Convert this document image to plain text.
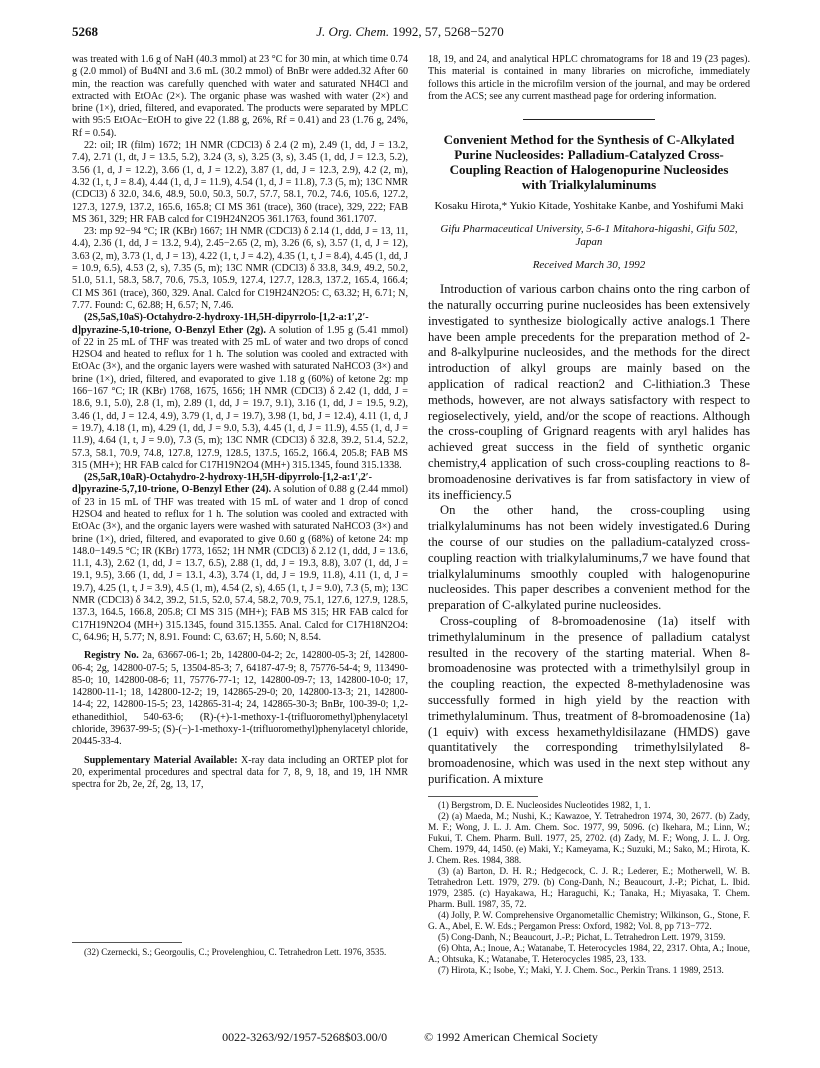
5268	J. Org. Chem. 1992, 57, 5268−5270

was treated with 1.6 g of NaH (40.3 mmol) at 23 °C for 30 min, at which time 0.74 g (2.0 mmol) of Bu4NI and 3.6 mL (30.2 mmol) of BnBr were added.32 After 60 min, the reaction was carefully quenched with water and saturated NH4Cl and extracted with EtOAc (2×). The organic phase was washed with water (2×) and brine (1×), dried, filtered, and evaporated. The products were separated by MPLC with 95:5 EtOAc−EtOH to give 22 (1.88 g, 26%, Rf = 0.41) and 23 (1.76 g, 24%, Rf = 0.54).

22: oil; IR (film) 1672; 1H NMR (CDCl3) δ 2.4 (2 m), 2.49 (1, dd, J = 13.2, 7.4), 2.71 (1, dt, J = 13.5, 5.2), 3.24 (3, s), 3.25 (3, s), 3.45 (1, dd, J = 12.3, 5.2), 3.56 (1, d, J = 12.2), 3.66 (1, d, J = 12.2), 3.87 (1, dd, J = 12.3, 2.9), 4.2 (2, m), 4.32 (1, t, J = 8.4), 4.44 (1, d, J = 11.9), 4.54 (1, d, J = 11.8), 7.3 (5, m); 13C NMR (CDCl3) δ 32.0, 34.6, 48.9, 50.0, 50.3, 50.7, 57.7, 58.1, 70.2, 74.6, 105.6, 127.2, 127.3, 127.9, 137.2, 165.6, 165.8; CI MS 361 (trace), 360 (trace), 329, 222; FAB MS 361, 329; HR FAB calcd for C19H24N2O5 361.1763, found 361.1707.

23: mp 92−94 °C; IR (KBr) 1667; 1H NMR (CDCl3) δ 2.14 (1, ddd, J = 13, 11, 4.4), 2.36 (1, dd, J = 13.2, 9.4), 2.45−2.65 (2, m), 3.26 (6, s), 3.57 (1, d, J = 12), 3.63 (2, m), 3.73 (1, d, J = 13), 4.22 (1, t, J = 4.2), 4.35 (1, t, J = 8.4), 4.45 (1, dd, J = 10.9, 6.5), 4.53 (2, s), 7.35 (5, m); 13C NMR (CDCl3) δ 33.8, 34.9, 49.2, 50.2, 51.0, 51.1, 58.3, 58.7, 70.6, 75.3, 105.9, 127.4, 127.7, 128.3, 137.2, 165.4, 166.4; CI MS 361 (trace), 360, 329. Anal. Calcd for C19H24N2O5: C, 63.32; H, 6.71; N, 7.77. Found: C, 62.88; H, 6.57; N, 7.46.

(2S,5aS,10aS)-Octahydro-2-hydroxy-1H,5H-dipyrrolo-[1,2-a:1′,2′-d]pyrazine-5,10-trione, O-Benzyl Ether (2g). A solution of 1.95 g (5.41 mmol) of 22 in 25 mL of THF was treated with 25 mL of water and two drops of concd H2SO4 and heated to reflux for 1 h. The solution was cooled and extracted with EtOAc (3×), and the organic layers were washed with saturated NaHCO3 (3×) and brine (1×), dried, filtered, and evaporated to give 1.18 g (60%) of ketone 2g: mp 166−167 °C; IR (KBr) 1768, 1675, 1656; 1H NMR (CDCl3) δ 2.42 (1, ddd, J = 18.6, 9.1, 5.0), 2.8 (1, m), 2.89 (1, dd, J = 19.7, 9.1), 3.16 (1, dd, J = 19.5, 9.2), 3.46 (1, dd, J = 12.4, 4.9), 3.79 (1, d, J = 19.7), 3.98 (1, bd, J = 12.4), 4.11 (1, d, J = 19.7), 4.18 (1, m), 4.29 (1, dd, J = 9.0, 5.3), 4.45 (1, d, J = 11.9), 4.55 (1, d, J = 11.9), 4.64 (1, t, J = 9.0), 7.3 (5, m); 13C NMR (CDCl3) δ 32.8, 39.2, 51.4, 52.2, 57.3, 58.1, 70.9, 74.8, 127.8, 127.9, 128.5, 137.5, 165.2, 166.4, 205.8; FAB MS 315 (MH+); HR FAB calcd for C17H19N2O4 (MH+) 315.1345, found 315.1338.

(2S,5aR,10aR)-Octahydro-2-hydroxy-1H,5H-dipyrrolo-[1,2-a:1′,2′-d]pyrazine-5,7,10-trione, O-Benzyl Ether (24). A solution of 0.88 g (2.44 mmol) of 23 in 15 mL of THF was treated with 15 mL of water and 1 drop of concd H2SO4 and heated to reflux for 1 h. The solution was cooled and extracted with EtOAc (3×), and the organic layers were washed with saturated NaHCO3 (3×) and brine (1×), dried, filtered, and evaporated to give 0.60 g (68%) of ketone 24: mp 148.0−149.5 °C; IR (KBr) 1773, 1652; 1H NMR (CDCl3) δ 2.12 (1, ddd, J = 13.6, 11.1, 4.3), 2.62 (1, dd, J = 13.7, 6.5), 2.88 (1, dd, J = 19.3, 8.8), 3.07 (1, dd, J = 19.1, 9.5), 3.66 (1, dd, J = 13.1, 4.3), 3.74 (1, dd, J = 19.9, 11.8), 4.11 (1, d, J = 19.7), 4.25 (1, t, J = 3.9), 4.5 (1, m), 4.54 (2, s), 4.65 (1, t, J = 9.0), 7.3 (5, m); 13C NMR (CDCl3) δ 34.2, 39.2, 51.5, 52.0, 57.4, 58.2, 70.9, 75.1, 127.6, 127.9, 128.5, 137.3, 164.5, 166.8, 205.8; CI MS 315 (MH+); FAB MS 315; HR FAB calcd for C17H19N2O4 (MH+) 315.1345, found 315.1355. Anal. Calcd for C17H18N2O4: C, 64.96; H, 5.77; N, 8.91. Found: C, 63.67; H, 5.60; N, 8.54.

Registry No. 2a, 63667-06-1; 2b, 142800-04-2; 2c, 142800-05-3; 2f, 142800-06-4; 2g, 142800-07-5; 5, 13504-85-3; 7, 64187-47-9; 8, 75776-54-4; 9, 113490-85-0; 10, 142800-08-6; 11, 75776-77-1; 12, 142800-09-7; 13, 142800-10-0; 17, 142800-11-1; 18, 142800-12-2; 19, 142865-29-0; 20, 142800-13-3; 21, 142800-14-4; 22, 142800-15-5; 23, 142865-31-4; 24, 142865-30-3; BnBr, 100-39-0; 1,2-ethanedithiol, 540-63-6; (R)-(+)-1-methoxy-1-(trifluoromethyl)phenylacetyl chloride, 39637-99-5; (S)-(−)-1-methoxy-1-(trifluoromethyl)phenylacetyl chloride, 20445-33-4.

Supplementary Material Available: X-ray data including an ORTEP plot for 20, experimental procedures and spectral data for 7, 8, 9, 18, and 19, 1H NMR spectra for 2b, 2e, 2f, 2g, 13, 17,

(32) Czernecki, S.; Georgoulis, C.; Provelenghiou, C. Tetrahedron Lett. 1976, 3535.

18, 19, and 24, and analytical HPLC chromatograms for 18 and 19 (23 pages). This material is contained in many libraries on microfiche, immediately follows this article in the microfilm version of the journal, and may be ordered from the ACS; see any current masthead page for ordering information.

Convenient Method for the Synthesis of C-Alkylated Purine Nucleosides: Palladium-Catalyzed Cross-Coupling Reaction of Halogenopurine Nucleosides with Trialkylaluminums
Kosaku Hirota,* Yukio Kitade, Yoshitake Kanbe, and Yoshifumi Maki
Gifu Pharmaceutical University, 5-6-1 Mitahora-higashi, Gifu 502, Japan
Received March 30, 1992

Introduction of various carbon chains onto the ring carbon of the naturally occurring purine nucleosides has been extensively investigated to synthesize biologically active analogs.1 There have been ample precedents for the preparation method of 2- and 8-alkylpurine nucleosides, and the methods for the direct introduction of alkyl groups are mainly based on the application of radical reaction2 and C-lithiation.3 These methods, however, are not always satisfactory with respect to regioselectively, yield, and/or the scope of reactions. Although the cross-coupling of Grignard reagents with aryl halides has achieved great success in the field of synthetic organic chemistry,4 application of such cross-coupling reactions to 8-bromoadenosine derivatives is far from satisfactory in view of its inefficiency.5

On the other hand, the cross-coupling using trialkylaluminums has not been widely investigated.6 During the course of our studies on the palladium-catalyzed cross-coupling reaction with trialkylaluminums,7 we have found that trialkylaluminums smoothly coupled with halogenopurine nucleosides. This paper describes a convenient method for the preparation of C-alkylated purine nucleosides.

Cross-coupling of 8-bromoadenosine (1a) itself with trimethylaluminum in the presence of palladium catalyst resulted in the recovery of the starting material. When 8-bromoadenosine was protected with a trimethylsilyl group in the coupling reaction, the expected 8-methyladenosine was successfully formed in high yield by the reaction with trimethylaluminum. Thus, treatment of 8-bromoadenosine (1a) (1 equiv) with excess hexamethyldisilazane (HMDS) gave quantitatively the corresponding trimethylsilylated 8-bromoadenosine, which was used in the next step without any purification. A mixture

(1) Bergstrom, D. E. Nucleosides Nucleotides 1982, 1, 1.

(2) (a) Maeda, M.; Nushi, K.; Kawazoe, Y. Tetrahedron 1974, 30, 2677. (b) Zady, M. F.; Wong, J. L. J. Am. Chem. Soc. 1977, 99, 5096. (c) Ikehara, M.; Linn, W.; Fukui, T. Chem. Pharm. Bull. 1977, 25, 2702. (d) Zady, M. F.; Wong, J. L. J. Org. Chem. 1979, 44, 1450. (e) Maki, Y.; Kameyama, K.; Suzuki, M.; Sako, M.; Hirota, K. J. Chem. Res. 1984, 388.

(3) (a) Barton, D. H. R.; Hedgecock, C. J. R.; Lederer, E.; Motherwell, W. B. Tetrahedron Lett. 1979, 279. (b) Cong-Danh, N.; Beaucourt, J.-P.; Pichat, L. Ibid. 1979, 2385. (c) Hayakawa, H.; Haraguchi, K.; Tanaka, H.; Miyasaka, T. Chem. Pharm. Bull. 1987, 35, 72.

(4) Jolly, P. W. Comprehensive Organometallic Chemistry; Wilkinson, G., Stone, F. G. A., Abel, E. W. Eds.; Pergamon Press: Oxford, 1982; Vol. 8, pp 713−772.

(5) Cong-Danh, N.; Beaucourt, J.-P.; Pichat, L. Tetrahedron Lett. 1979, 3159.

(6) Ohta, A.; Inoue, A.; Watanabe, T. Heterocycles 1984, 22, 2317. Ohta, A.; Inoue, A.; Ohtsuka, K.; Watanabe, T. Heterocycles 1985, 23, 133.

(7) Hirota, K.; Isobe, Y.; Maki, Y. J. Chem. Soc., Perkin Trans. 1 1989, 2513.

0022-3263/92/1957-5268$03.00/0	© 1992 American Chemical Society
